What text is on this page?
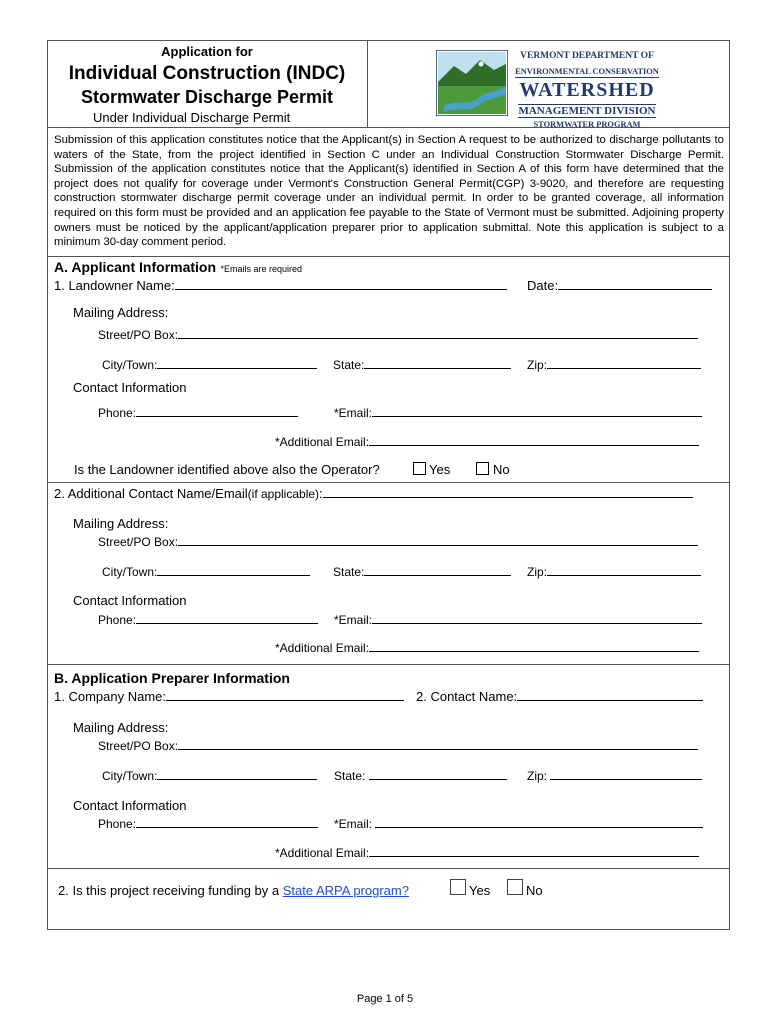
Application for
Individual Construction (INDC)
Stormwater Discharge Permit
Under Individual Discharge Permit
VERMONT DEPARTMENT OF
ENVIRONMENTAL CONSERVATION
WATERSHED
MANAGEMENT DIVISION
STORMWATER PROGRAM
Submission of this application constitutes notice that the Applicant(s) in Section A request to be authorized to discharge pollutants to waters of the State, from the project identified in Section C under an Individual Construction Stormwater Discharge Permit. Submission of the application constitutes notice that the Applicant(s) identified in Section A of this form have determined that the project does not qualify for coverage under Vermont's Construction General Permit(CGP) 3-9020, and therefore are requesting construction stormwater discharge permit coverage under an individual permit. In order to be granted coverage, all information required on this form must be provided and an application fee payable to the State of Vermont must be submitted. Adjoining property owners must be noticed by the applicant/application preparer prior to application submittal. Note this application is subject to a minimum 30-day comment period.
A. Applicant Information *Emails are required
1. Landowner Name:	Date:
Mailing Address:
Street/PO Box:
City/Town:	State:	Zip:
Contact Information
Phone:	*Email:
*Additional Email:
Is the Landowner identified above also the Operator?	Yes	No
2. Additional Contact Name/Email(if applicable):
Mailing Address:
Street/PO Box:
City/Town:	State:	Zip:
Contact Information
Phone:	*Email:
*Additional Email:
B. Application Preparer Information
1. Company Name:	2. Contact Name:
Mailing Address:
Street/PO Box:
City/Town:	State:	Zip:
Contact Information
Phone:	*Email:
*Additional Email:
2. Is this project receiving funding by a State ARPA program?	Yes	No
Page 1 of 5
